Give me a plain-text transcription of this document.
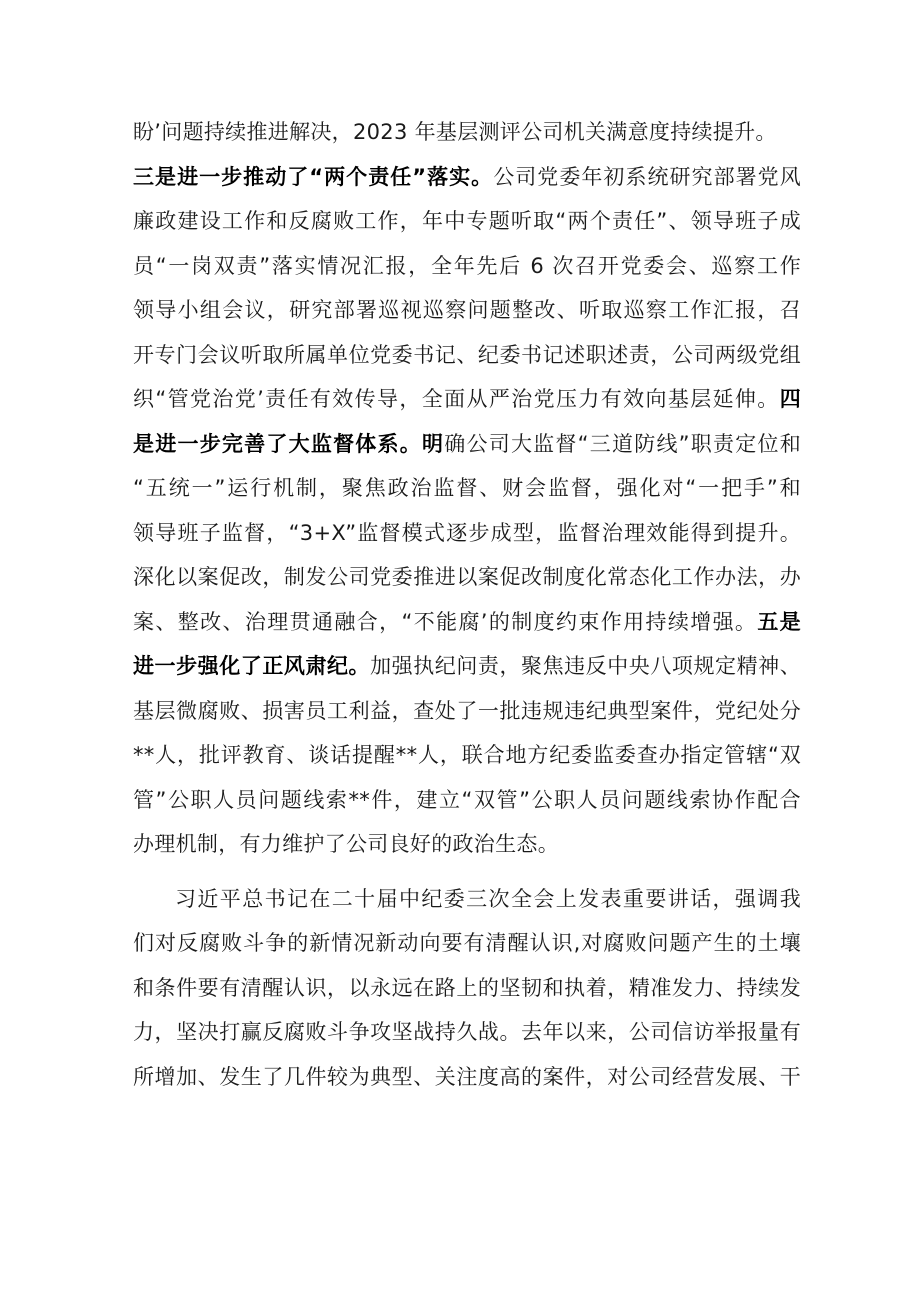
盼’问题持续推进解决，2023 年基层测评公司机关满意度持续提升。
三是进一步推动了“两个责任”落实。公司党委年初系统研究部署党风
廉政建设工作和反腐败工作，年中专题听取“两个责任”、领导班子成
员“一岗双责”落实情况汇报，全年先后 6 次召开党委会、巡察工作
领导小组会议，研究部署巡视巡察问题整改、听取巡察工作汇报，召
开专门会议听取所属单位党委书记、纪委书记述职述责，公司两级党组
织“管党治党’责任有效传导，全面从严治党压力有效向基层延伸。四
是进一步完善了大监督体系。明确公司大监督“三道防线”职责定位和
“五统一”运行机制，聚焦政治监督、财会监督，强化对“一把手”和
领导班子监督，“3+X”监督模式逐步成型，监督治理效能得到提升。
深化以案促改，制发公司党委推进以案促改制度化常态化工作办法，办
案、整改、治理贯通融合，“不能腐’的制度约束作用持续增强。五是
进一步强化了正风肃纪。加强执纪问责，聚焦违反中央八项规定精神、
基层微腐败、损害员工利益，查处了一批违规违纪典型案件，党纪处分
**人，批评教育、谈话提醒**人，联合地方纪委监委查办指定管辖“双
管”公职人员问题线索**件，建立“双管”公职人员问题线索协作配合
办理机制，有力维护了公司良好的政治生态。
习近平总书记在二十届中纪委三次全会上发表重要讲话，强调我
们对反腐败斗争的新情况新动向要有清醒认识,对腐败问题产生的土壤
和条件要有清醒认识，以永远在路上的坚韧和执着，精准发力、持续发
力，坚决打赢反腐败斗争攻坚战持久战。去年以来，公司信访举报量有
所增加、发生了几件较为典型、关注度高的案件，对公司经营发展、干
